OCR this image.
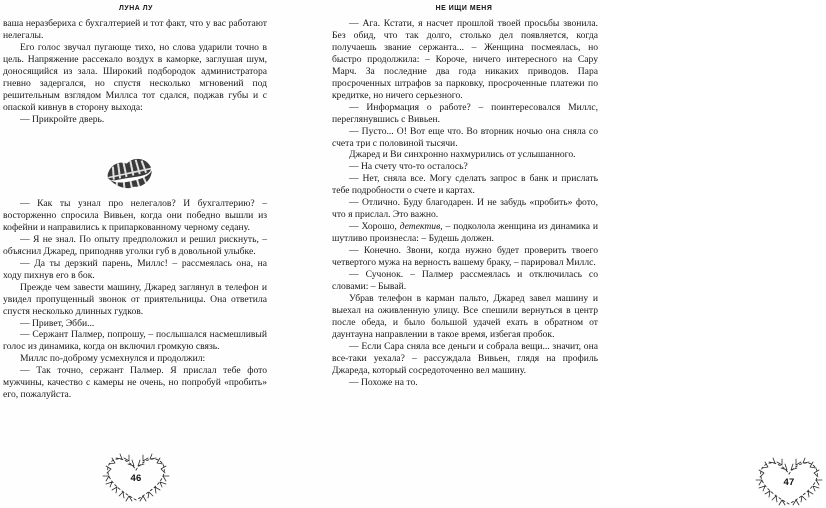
ЛУНА ЛУ

ваша неразбериха с бухгалтерией и тот факт, что у вас работают нелегалы.

Его голос звучал пугающе тихо, но слова ударили точно в цель. Напряжение рассекало воздух в каморке, заглушая шум, доносящийся из зала. Широкий подбородок администратора гневно задергался, но спустя несколько мгновений под решительным взглядом Миллса тот сдался, поджав губы и с опаской кивнув в сторону выхода:

— Прикройте дверь.

— Как ты узнал про нелегалов? И бухгалтерию? – восторженно спросила Вивьен, когда они победно вышли из кофейни и направились к припаркованному черному седану.

— Я не знал. По опыту предположил и решил рискнуть, – объяснил Джаред, приподняв уголки губ в довольной улыбке.

— Да ты дерзкий парень, Миллс! – рассмеялась она, на ходу пихнув его в бок.

Прежде чем завести машину, Джаред заглянул в телефон и увидел пропущенный звонок от приятельницы. Она ответила спустя несколько длинных гудков.

— Привет, Эбби...

— Сержант Палмер, попрошу, – послышался насмешливый голос из динамика, когда он включил громкую связь.

Миллс по-доброму усмехнулся и продолжил:

— Так точно, сержант Палмер. Я прислал тебе фото мужчины, качество с камеры не очень, но попробуй «пробить» его, пожалуйста.

46
НЕ ИЩИ МЕНЯ

— Ага. Кстати, я насчет прошлой твоей просьбы звонила. Без обид, что так долго, столько дел появляется, когда получаешь звание сержанта... – Женщина посмеялась, но быстро продолжила: – Короче, ничего интересного на Сару Марч. За последние два года никаких приводов. Пара просроченных штрафов за парковку, просроченные платежи по кредитке, но ничего серьезного.

— Информация о работе? – поинтересовался Миллс, переглянувшись с Вивьен.

— Пусто... О! Вот еще что. Во вторник ночью она сняла со счета три с половиной тысячи.

Джаред и Ви синхронно нахмурились от услышанного.

— На счету что-то осталось?

— Нет, сняла все. Могу сделать запрос в банк и прислать тебе подробности о счете и картах.

— Отлично. Буду благодарен. И не забудь «пробить» фото, что я прислал. Это важно.

— Хорошо, детектив, – подколола женщина из динамика и шутливо произнесла: – Будешь должен.

— Конечно. Звони, когда нужно будет проверить твоего четвертого мужа на верность вашему браку, – парировал Миллс.

— Сучонок. – Палмер рассмеялась и отключилась со словами: – Бывай.

Убрав телефон в карман пальто, Джаред завел машину и выехал на оживленную улицу. Все спешили вернуться в центр после обеда, и было большой удачей ехать в обратном от даунтауна направлении в такое время, избегая пробок.

— Если Сара сняла все деньги и собрала вещи... значит, она все-таки уехала? – рассуждала Вивьен, глядя на профиль Джареда, который сосредоточенно вел машину.

— Похоже на то.

47
